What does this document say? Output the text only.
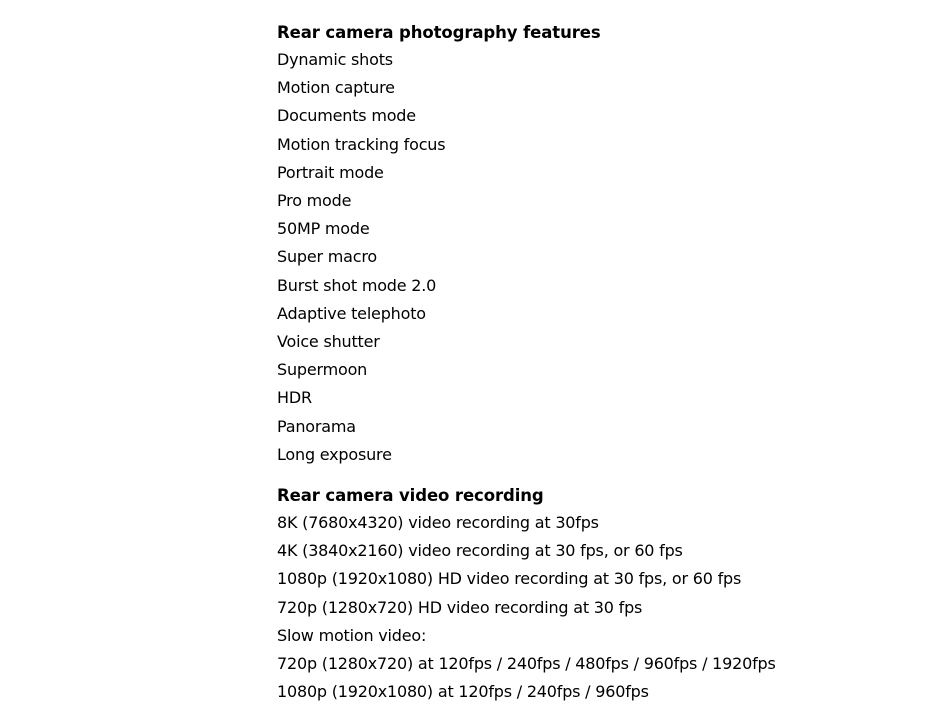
Rear camera photography features
Dynamic shots
Motion capture
Documents mode
Motion tracking focus
Portrait mode
Pro mode
50MP mode
Super macro
Burst shot mode 2.0
Adaptive telephoto
Voice shutter
Supermoon
HDR
Panorama
Long exposure
Rear camera video recording
8K (7680x4320) video recording at 30fps
4K (3840x2160) video recording at 30 fps, or 60 fps
1080p (1920x1080) HD video recording at 30 fps, or 60 fps
720p (1280x720) HD video recording at 30 fps
Slow motion video:
720p (1280x720) at 120fps / 240fps / 480fps / 960fps / 1920fps
1080p (1920x1080) at 120fps / 240fps / 960fps
